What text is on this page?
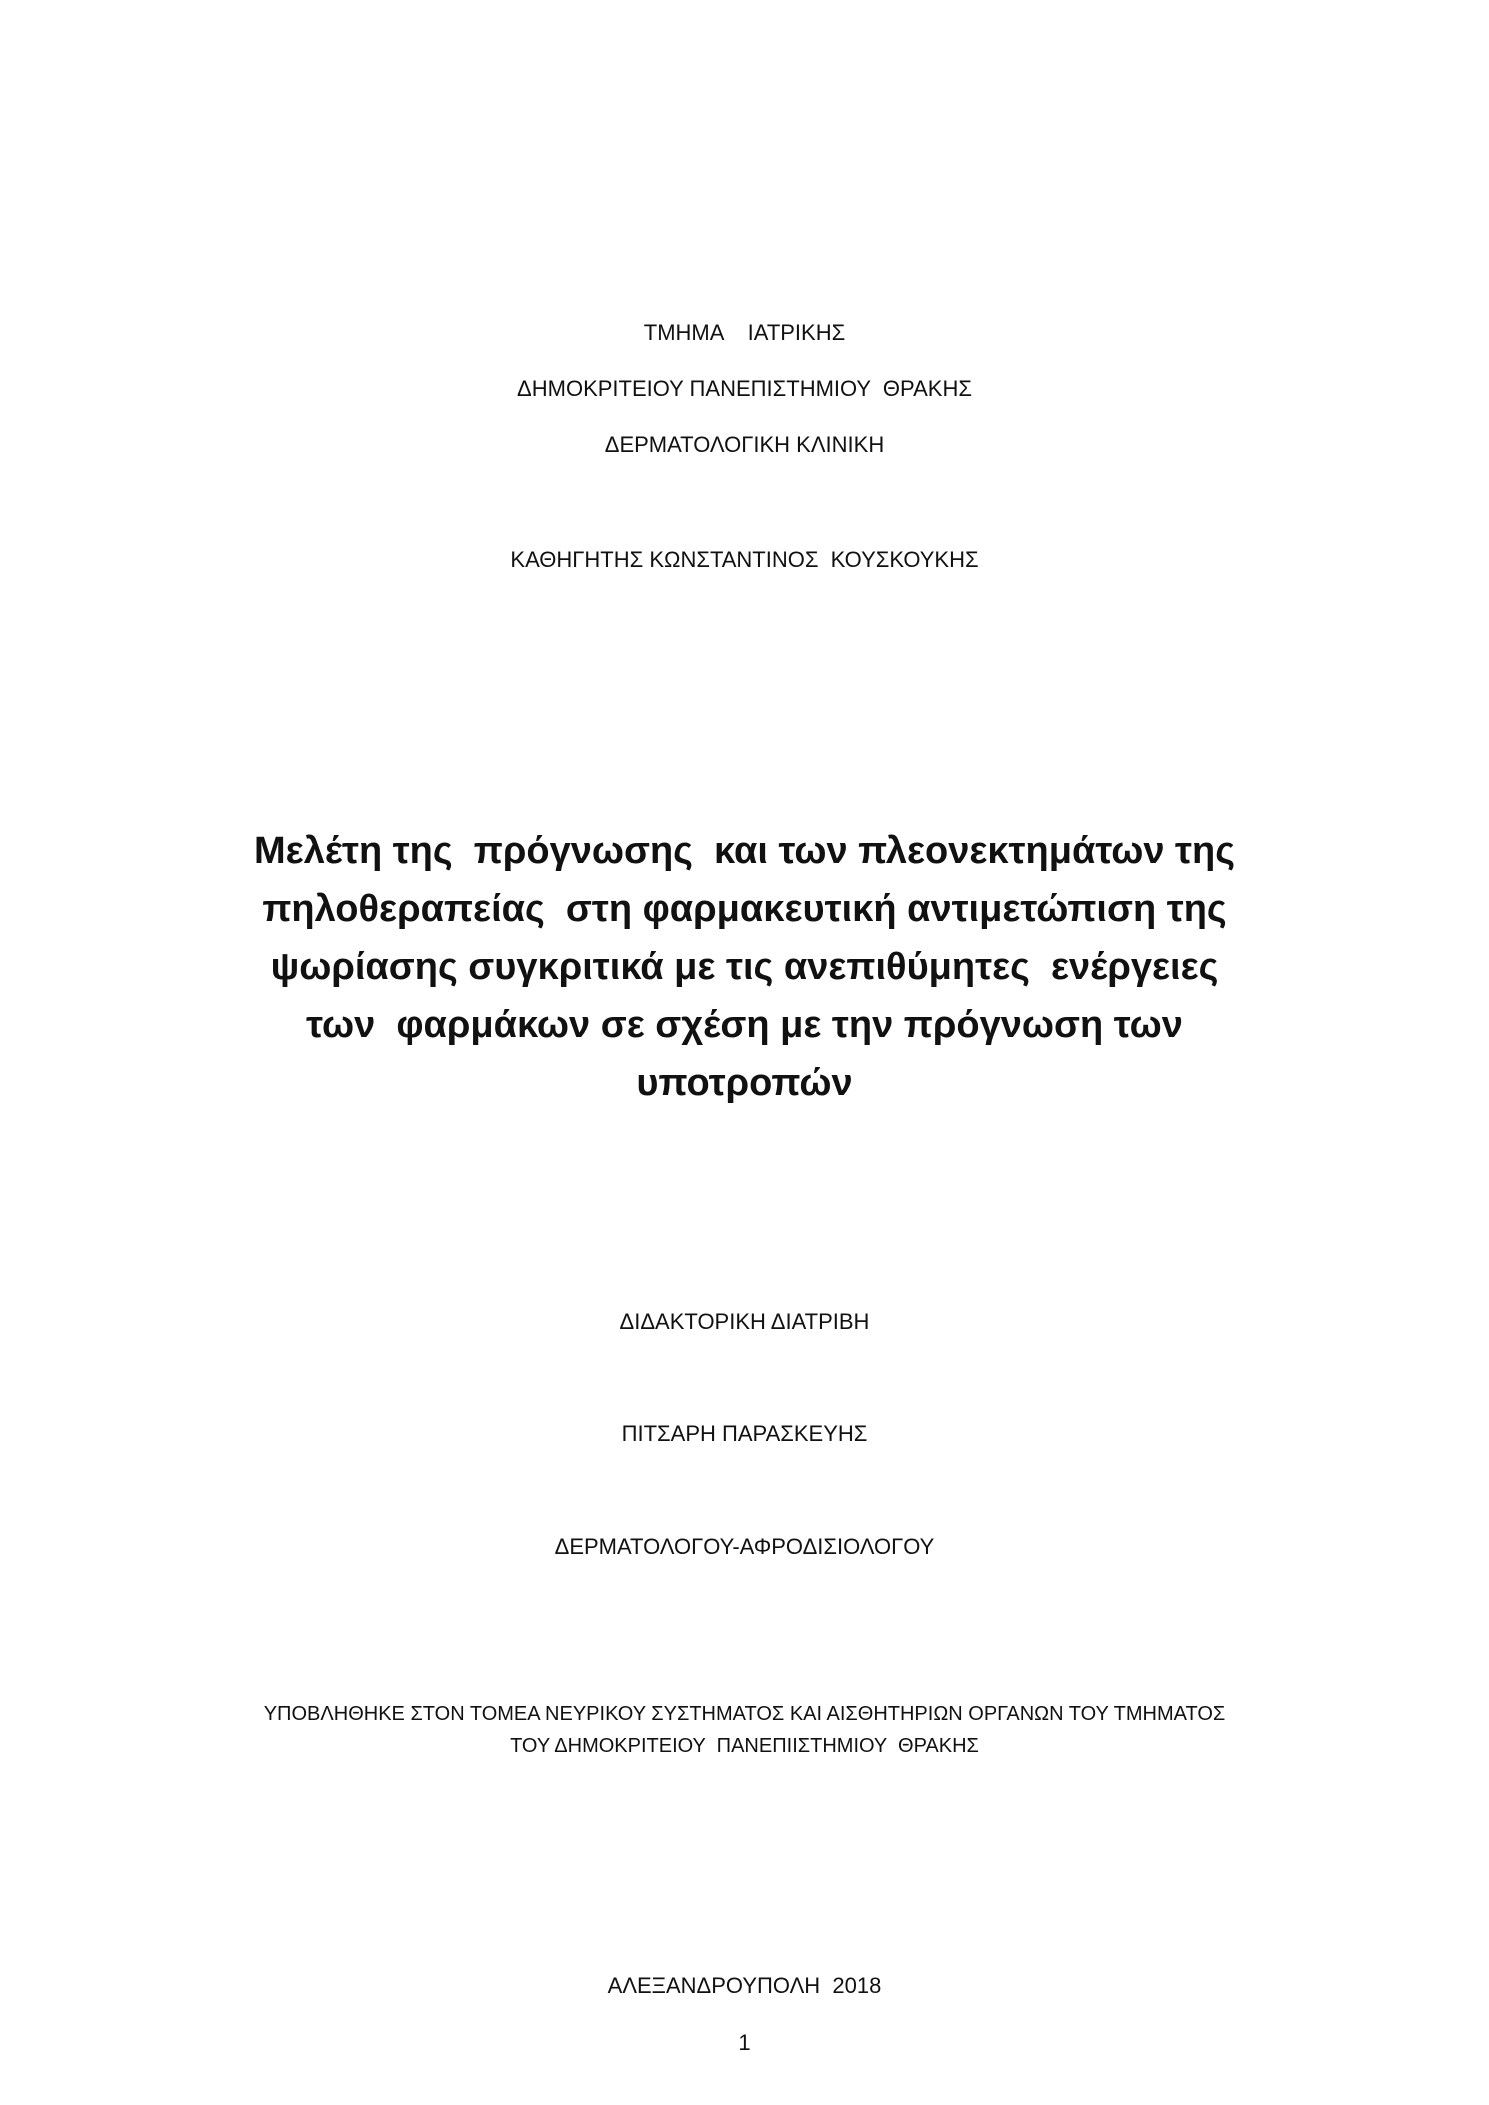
ΤΜΗΜΑ    ΙΑΤΡΙΚΗΣ
ΔΗΜΟΚΡΙΤΕΙΟΥ ΠΑΝΕΠΙΣΤΗΜΙΟΥ  ΘΡΑΚΗΣ
ΔΕΡΜΑΤΟΛΟΓΙΚΗ ΚΛΙΝΙΚΗ
ΚΑΘΗΓΗΤΗΣ ΚΩΝΣΤΑΝΤΙΝΟΣ  ΚΟΥΣΚΟΥΚΗΣ
Μελέτη της  πρόγνωσης  και των πλεονεκτημάτων της
πηλοθεραπείας  στη φαρμακευτική αντιμετώπιση της
ψωρίασης συγκριτικά με τις ανεπιθύμητες  ενέργειες
των  φαρμάκων σε σχέση με την πρόγνωση των
υποτροπών
ΔΙΔΑΚΤΟΡΙΚΗ ΔΙΑΤΡΙΒΗ
ΠΙΤΣΑΡΗ ΠΑΡΑΣΚΕΥΗΣ
ΔΕΡΜΑΤΟΛΟΓΟΥ-ΑΦΡΟΔΙΣΙΟΛΟΓΟΥ
ΥΠΟΒΛΗΘΗΚΕ ΣΤΟΝ ΤΟΜΕΑ ΝΕΥΡΙΚΟΥ ΣΥΣΤΗΜΑΤΟΣ ΚΑΙ ΑΙΣΘΗΤΗΡΙΩΝ ΟΡΓΑΝΩΝ ΤΟΥ ΤΜΗΜΑΤΟΣ
ΤΟΥ ΔΗΜΟΚΡΙΤΕΙΟΥ  ΠΑΝΕΠΙΙΣΤΗΜΙΟΥ  ΘΡΑΚΗΣ
ΑΛΕΞΑΝΔΡΟΥΠΟΛΗ  2018
1
